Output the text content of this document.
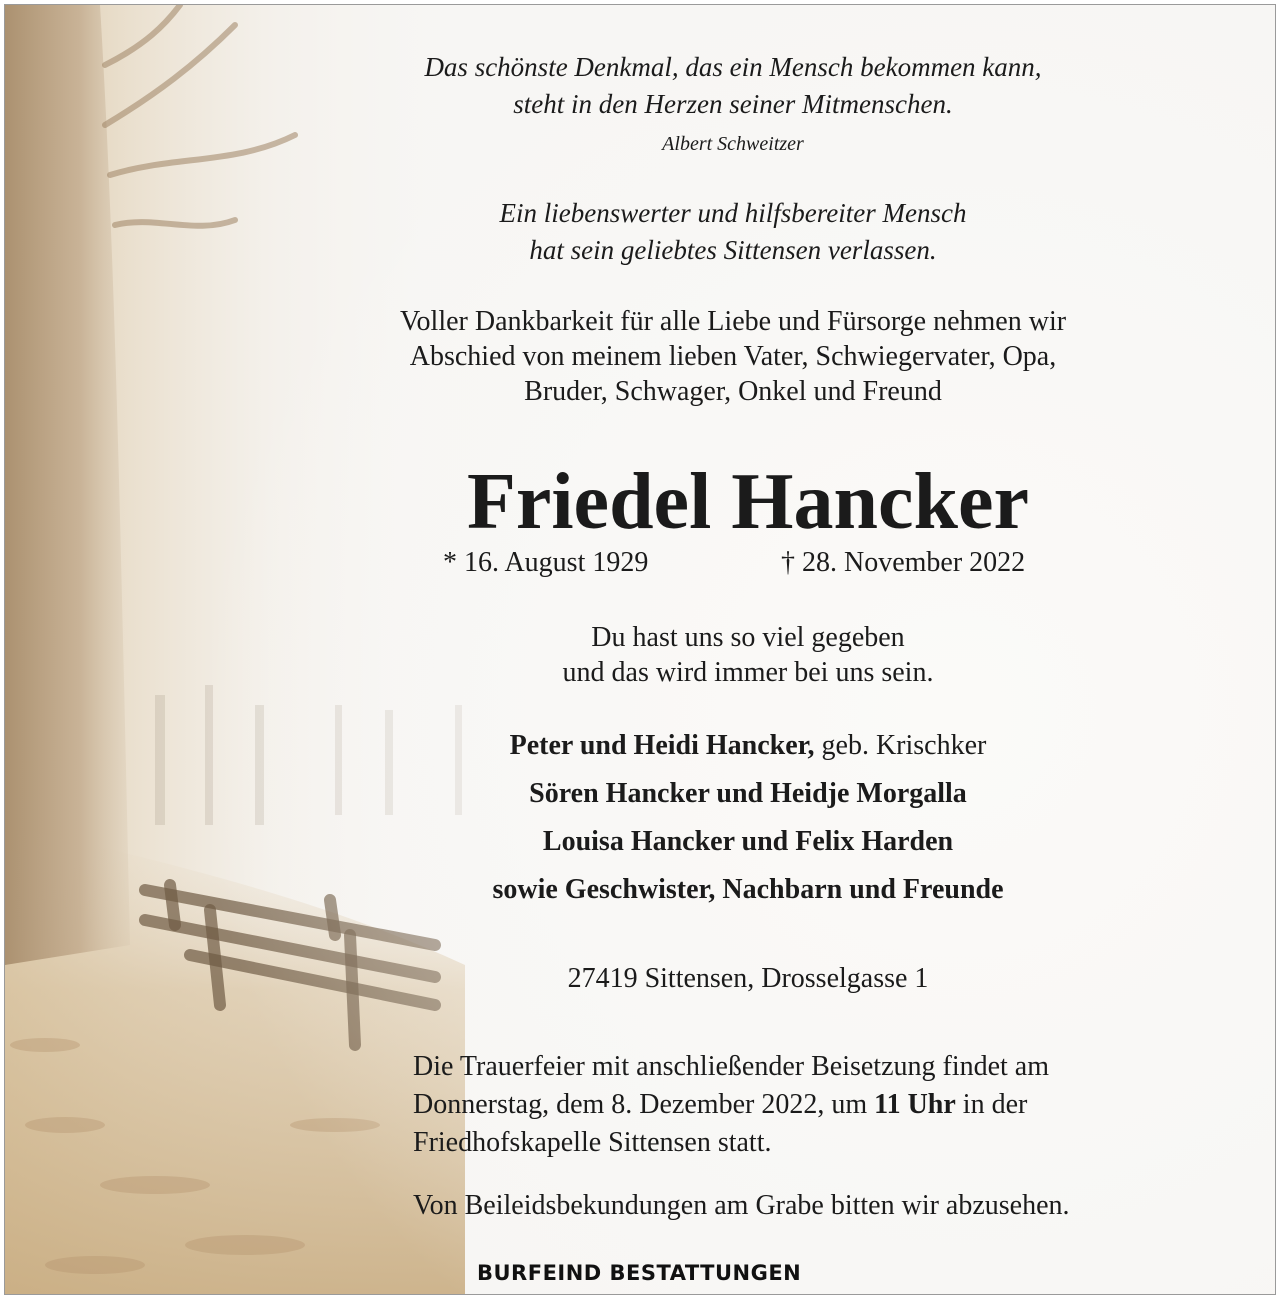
Das schönste Denkmal, das ein Mensch bekommen kann,
steht in den Herzen seiner Mitmenschen.
Albert Schweitzer
Ein liebenswerter und hilfsbereiter Mensch
hat sein geliebtes Sittensen verlassen.
Voller Dankbarkeit für alle Liebe und Fürsorge nehmen wir
Abschied von meinem lieben Vater, Schwiegervater, Opa,
Bruder, Schwager, Onkel und Freund
Friedel Hancker
* 16. August 1929	† 28. November 2022
Du hast uns so viel gegeben
und das wird immer bei uns sein.
Peter und Heidi Hancker, geb. Krischker
Sören Hancker und Heidje Morgalla
Louisa Hancker und Felix Harden
sowie Geschwister, Nachbarn und Freunde
27419 Sittensen, Drosselgasse 1
Die Trauerfeier mit anschließender Beisetzung findet am
Donnerstag, dem 8. Dezember 2022, um 11 Uhr in der
Friedhofskapelle Sittensen statt.
Von Beileidsbekundungen am Grabe bitten wir abzusehen.
BURFEIND BESTATTUNGEN
